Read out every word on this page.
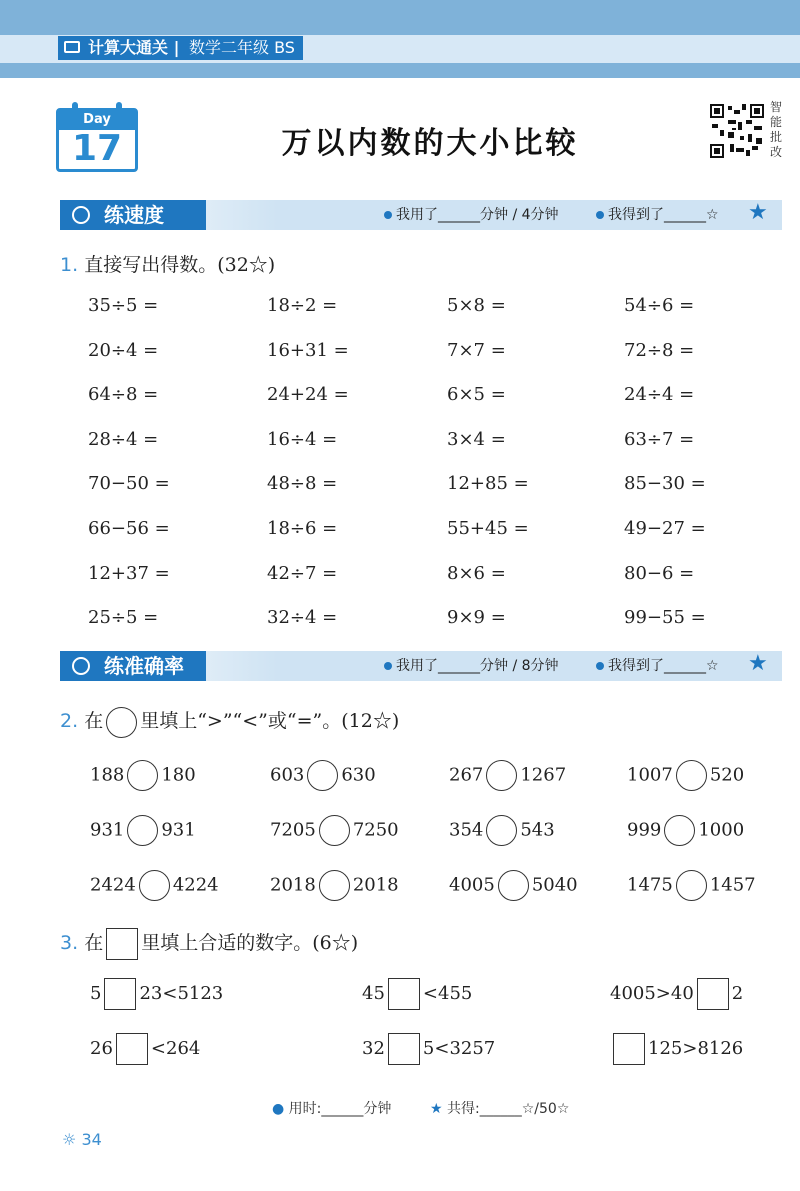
计算大通关 | 数学二年级 BS
Day
17	万以内数的大小比较
智
能
批
改
练速度	我用了______分钟 / 4分钟	我得到了______☆ ★
1. 直接写出得数。(32☆)
35÷5 =	18÷2 =	5×8 =	54÷6 =
20÷4 =	16+31 =	7×7 =	72÷8 =
64÷8 =	24+24 =	6×5 =	24÷4 =
28÷4 =	16÷4 =	3×4 =	63÷7 =
70−50 =	48÷8 =	12+85 =	85−30 =
66−56 =	18÷6 =	55+45 =	49−27 =
12+37 =	42÷7 =	8×6 =	80−6 =
25÷5 =	32÷4 =	9×9 =	99−55 =
练准确率	我用了______分钟 / 8分钟	我得到了______☆ ★
2. 在 里填上“>”“<”或“=”。(12☆)
188 180	603 630	267 1267	1007 520
931 931	7205 7250	354 543	999 1000
2424 4224	2018 2018	4005 5040	1475 1457
3. 在 里填上合适的数字。(6☆)
5 23<5123	45 <455	4005>40 2
26 <264	32 5<3257	125>8126
● 用时:______分钟	★ 共得:______☆/50☆
☼ 34
